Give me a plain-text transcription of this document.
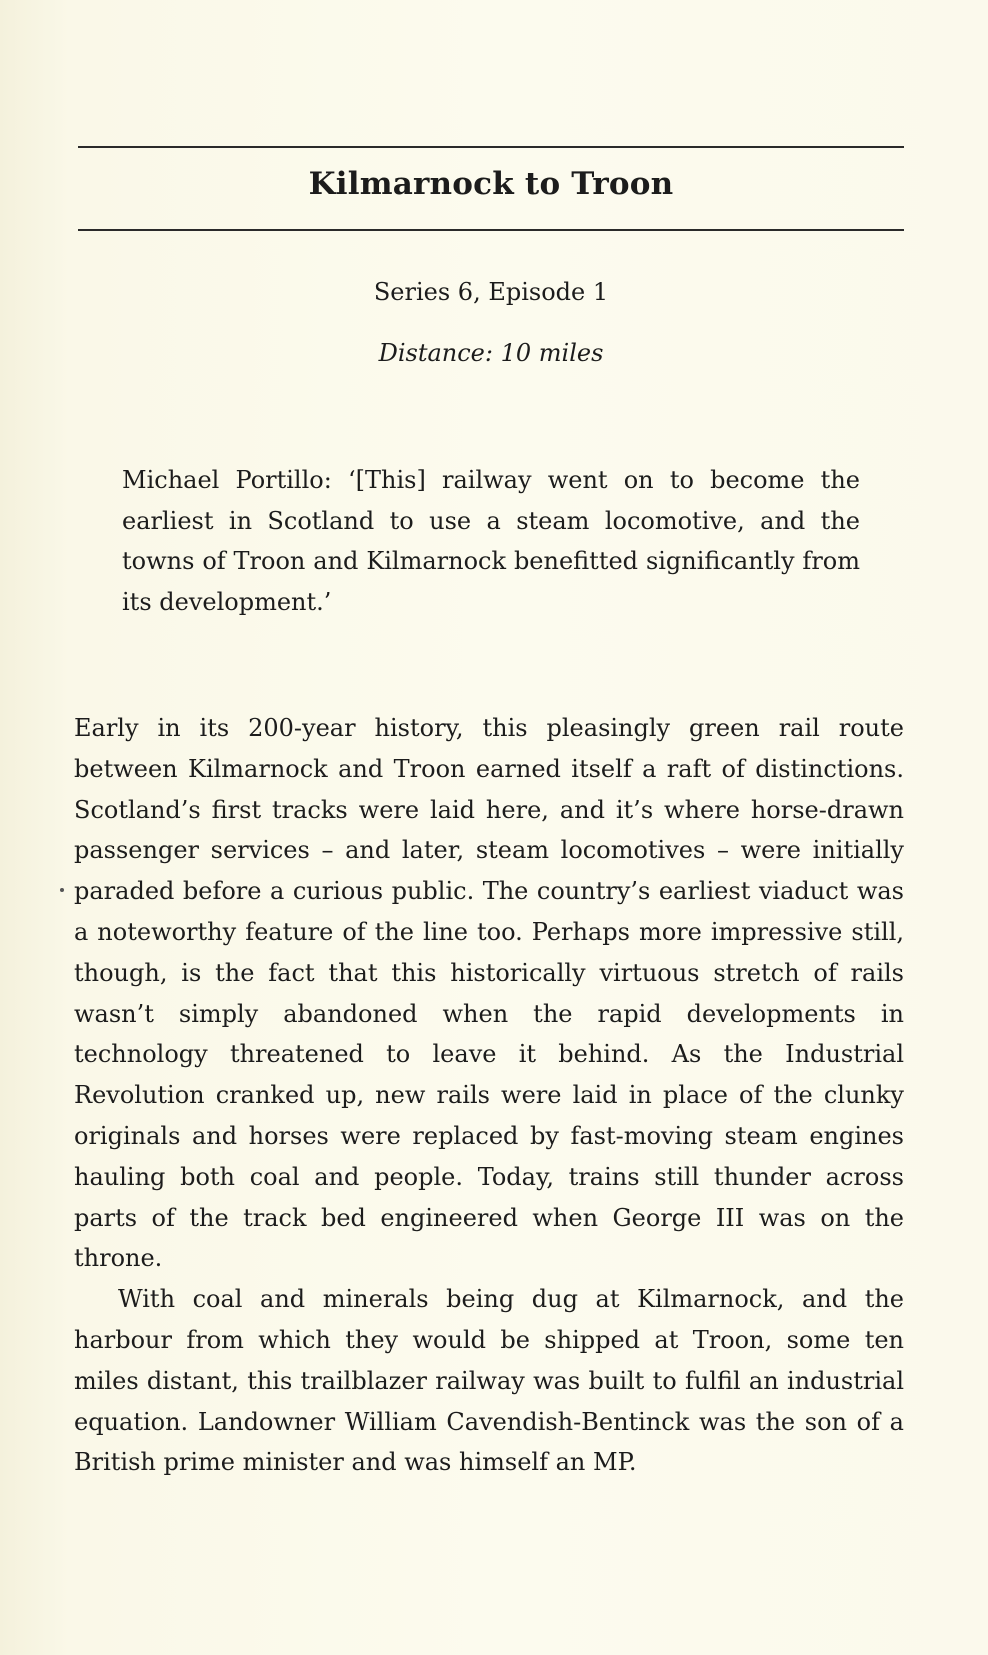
Kilmarnock to Troon

Series 6, Episode 1

Distance: 10 miles

Michael Portillo: ‘[This] railway went on to become the earliest in Scotland to use a steam locomotive, and the towns of Troon and Kilmarnock benefitted significantly from its development.’

Early in its 200-year history, this pleasingly green rail route between Kilmarnock and Troon earned itself a raft of distinctions. Scotland’s first tracks were laid here, and it’s where horse-drawn passenger services – and later, steam locomotives – were initially paraded before a curious public. The country’s earliest viaduct was a noteworthy feature of the line too. Perhaps more impressive still, though, is the fact that this historically virtuous stretch of rails wasn’t simply abandoned when the rapid developments in technology threatened to leave it behind. As the Industrial Revolution cranked up, new rails were laid in place of the clunky originals and horses were replaced by fast-moving steam engines hauling both coal and people. Today, trains still thunder across parts of the track bed engineered when George III was on the throne.

With coal and minerals being dug at Kilmarnock, and the harbour from which they would be shipped at Troon, some ten miles distant, this trailblazer railway was built to fulfil an industrial equation. Landowner William Cavendish-Bentinck was the son of a British prime minister and was himself an MP.
